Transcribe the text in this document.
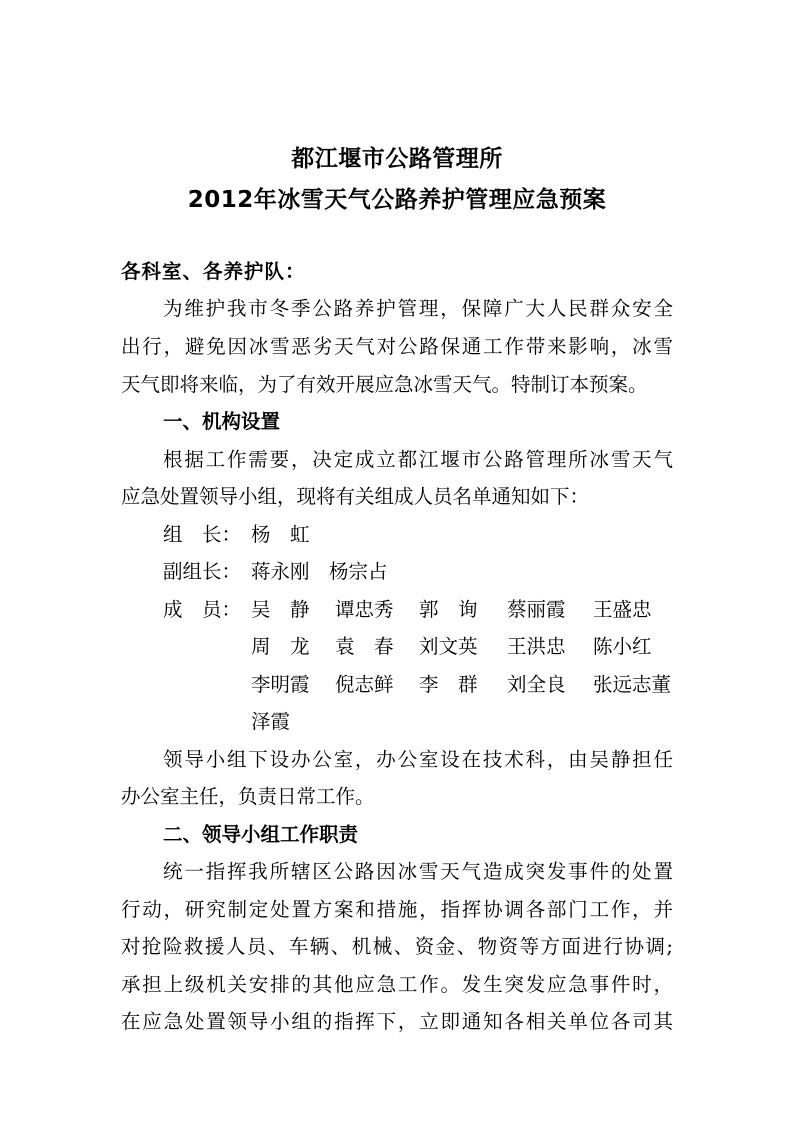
都江堰市公路管理所
2012年冰雪天气公路养护管理应急预案
各科室、各养护队：
为维护我市冬季公路养护管理，保障广大人民群众安全
出行，避免因冰雪恶劣天气对公路保通工作带来影响，冰雪
天气即将来临，为了有效开展应急冰雪天气。特制订本预案。
一、机构设置
根据工作需要，决定成立都江堰市公路管理所冰雪天气
应急处置领导小组，现将有关组成人员名单通知如下：
组　长： 杨　虹
副组长： 蒋永刚　杨宗占
成　员： 吴　静 谭忠秀 郭　询 蔡丽霞 王盛忠
周　龙 袁　春 刘文英 王洪忠 陈小红
李明霞 倪志鲜 李　群 刘全良 张远志董
泽霞
领导小组下设办公室，办公室设在技术科，由吴静担任
办公室主任，负责日常工作。
二、领导小组工作职责
统一指挥我所辖区公路因冰雪天气造成突发事件的处置
行动，研究制定处置方案和措施，指挥协调各部门工作，并
对抢险救援人员、车辆、机械、资金、物资等方面进行协调;
承担上级机关安排的其他应急工作。发生突发应急事件时，
在应急处置领导小组的指挥下，立即通知各相关单位各司其
